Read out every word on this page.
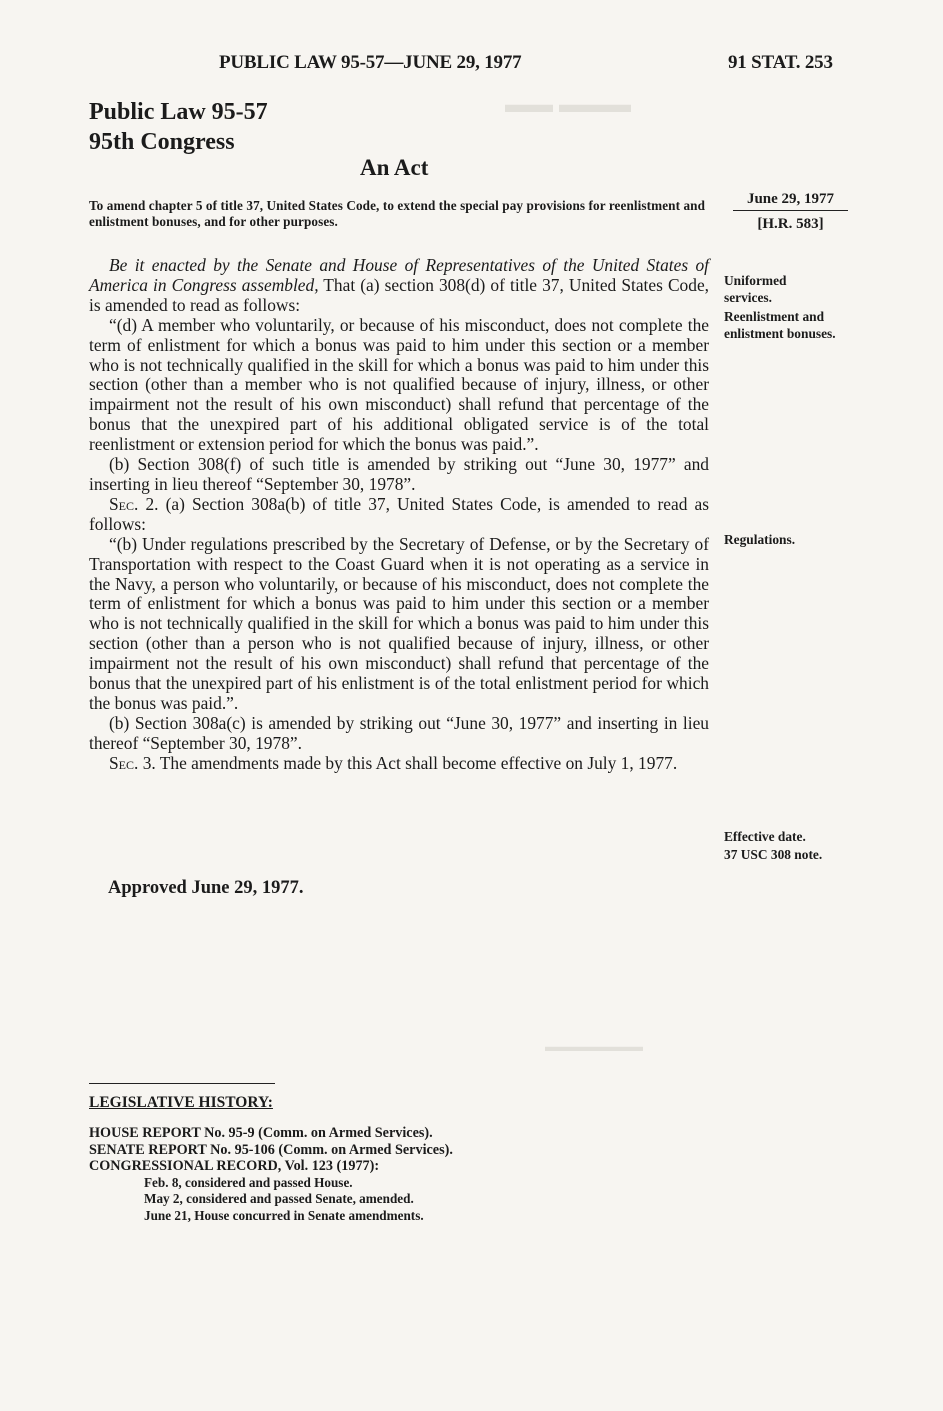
▬▬▬ ▬▬
▬▬▬▬▬▬▬
PUBLIC LAW 95-57—JUNE 29, 1977	91 STAT. 253
Public Law 95-57
95th Congress
An Act
To amend chapter 5 of title 37, United States Code, to extend the special pay provisions for reenlistment and enlistment bonuses, and for other purposes.
June 29, 1977
[H.R. 583]

Be it enacted by the Senate and House of Representatives of the United States of America in Congress assembled, That (a) section 308(d) of title 37, United States Code, is amended to read as follows:

“(d) A member who voluntarily, or because of his misconduct, does not complete the term of enlistment for which a bonus was paid to him under this section or a member who is not technically qualified in the skill for which a bonus was paid to him under this section (other than a member who is not qualified because of injury, illness, or other impairment not the result of his own misconduct) shall refund that percentage of the bonus that the unexpired part of his additional obligated service is of the total reenlistment or extension period for which the bonus was paid.”.

(b) Section 308(f) of such title is amended by striking out “June 30, 1977” and inserting in lieu thereof “September 30, 1978”.

Sec. 2. (a) Section 308a(b) of title 37, United States Code, is amended to read as follows:

“(b) Under regulations prescribed by the Secretary of Defense, or by the Secretary of Transportation with respect to the Coast Guard when it is not operating as a service in the Navy, a person who voluntarily, or because of his misconduct, does not complete the term of enlistment for which a bonus was paid to him under this section or a member who is not technically qualified in the skill for which a bonus was paid to him under this section (other than a person who is not qualified because of injury, illness, or other impairment not the result of his own misconduct) shall refund that percentage of the bonus that the unexpired part of his enlistment is of the total enlistment period for which the bonus was paid.”.

(b) Section 308a(c) is amended by striking out “June 30, 1977” and inserting in lieu thereof “September 30, 1978”.

Sec. 3. The amendments made by this Act shall become effective on July 1, 1977.

Uniformed services.
Reenlistment and enlistment bonuses.
Regulations.
Effective date.
37 USC 308 note.
Approved June 29, 1977.
LEGISLATIVE HISTORY:
HOUSE REPORT No. 95-9 (Comm. on Armed Services).
SENATE REPORT No. 95-106 (Comm. on Armed Services).
CONGRESSIONAL RECORD, Vol. 123 (1977):
Feb. 8, considered and passed House.
May 2, considered and passed Senate, amended.
June 21, House concurred in Senate amendments.
